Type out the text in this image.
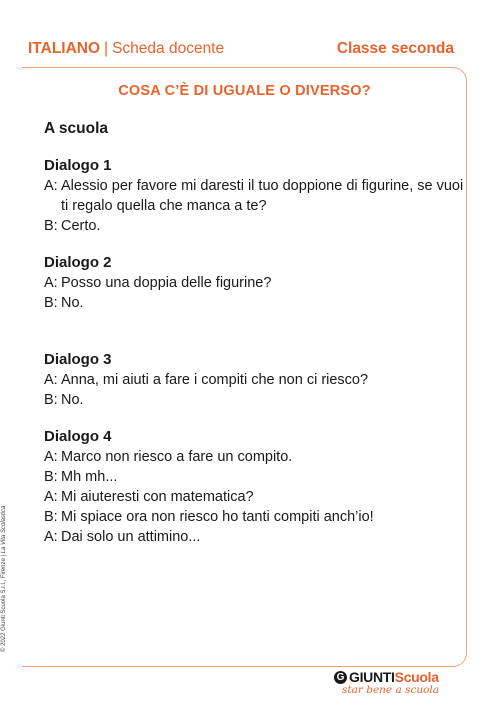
ITALIANO | Scheda docente	Classe seconda
COSA C’È DI UGUALE O DIVERSO?
A scuola
Dialogo 1
A: Alessio per favore mi daresti il tuo doppione di figurine, se vuoi ti regalo quella che manca a te?
B: Certo.
Dialogo 2
A: Posso una doppia delle figurine?
B: No.
Dialogo 3
A: Anna, mi aiuti a fare i compiti che non ci riesco?
B: No.
Dialogo 4
A: Marco non riesco a fare un compito.
B: Mh mh...
A: Mi aiuteresti con matematica?
B: Mi spiace ora non riesco ho tanti compiti anch’io!
A: Dai solo un attimino...
© 2022 Giunti Scuola S.r.l., Firenze | La Vita Scolastica
G GIUNTI Scuola
star bene a scuola
